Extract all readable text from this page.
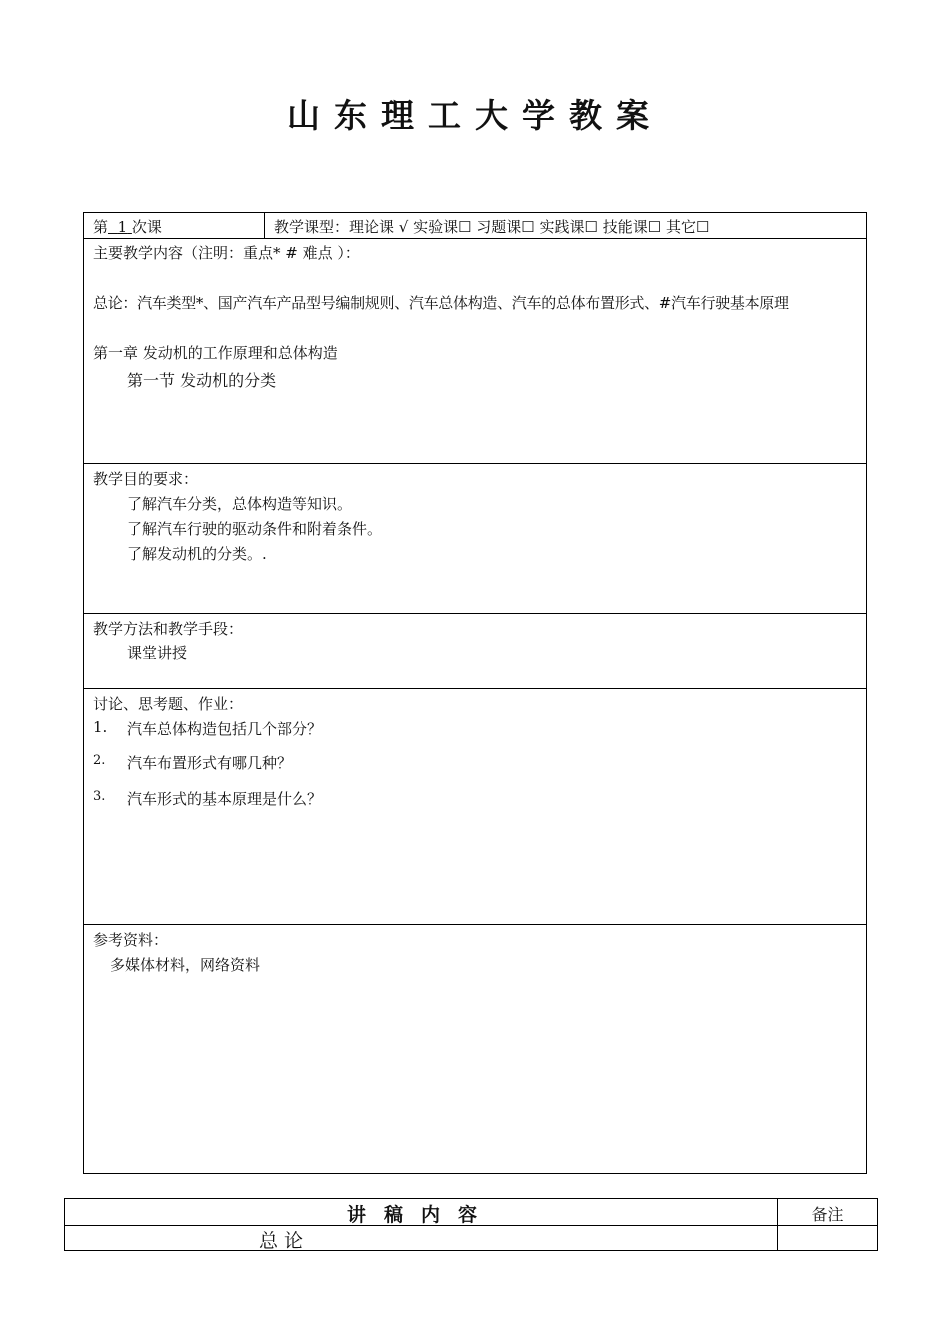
山东理工大学教案
第 1 次课	教学课型：理论课 √ 实验课☐ 习题课☐ 实践课☐ 技能课☐ 其它☐
主要教学内容（注明：重点* # 难点 ）：
总论：汽车类型*、国产汽车产品型号编制规则、汽车总体构造、汽车的总体布置形式、#汽车行驶基本原理
第一章 发动机的工作原理和总体构造
第一节 发动机的分类
教学目的要求：
了解汽车分类，总体构造等知识。
了解汽车行驶的驱动条件和附着条件。
了解发动机的分类。.
教学方法和教学手段：
课堂讲授
讨论、思考题、作业：
1. 汽车总体构造包括几个部分？
2. 汽车布置形式有哪几种？
3. 汽车形式的基本原理是什么？
参考资料：
多媒体材料，网络资料
讲稿内容	备注
总论
